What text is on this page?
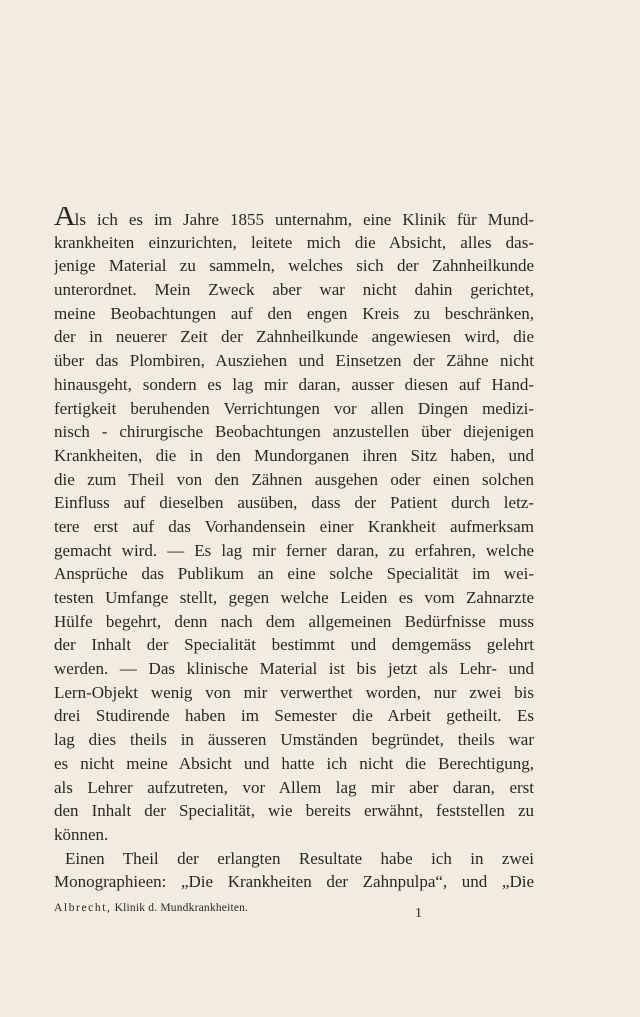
Als ich es im Jahre 1855 unternahm, eine Klinik für Mund-
krankheiten einzurichten, leitete mich die Absicht, alles das-
jenige Material zu sammeln, welches sich der Zahnheilkunde
unterordnet. Mein Zweck aber war nicht dahin gerichtet,
meine Beobachtungen auf den engen Kreis zu beschränken,
der in neuerer Zeit der Zahnheilkunde angewiesen wird, die
über das Plombiren, Ausziehen und Einsetzen der Zähne nicht
hinausgeht, sondern es lag mir daran, ausser diesen auf Hand-
fertigkeit beruhenden Verrichtungen vor allen Dingen medizi-
nisch - chirurgische Beobachtungen anzustellen über diejenigen
Krankheiten, die in den Mundorganen ihren Sitz haben, und
die zum Theil von den Zähnen ausgehen oder einen solchen
Einfluss auf dieselben ausüben, dass der Patient durch letz-
tere erst auf das Vorhandensein einer Krankheit aufmerksam
gemacht wird. — Es lag mir ferner daran, zu erfahren, welche
Ansprüche das Publikum an eine solche Specialität im wei-
testen Umfange stellt, gegen welche Leiden es vom Zahnarzte
Hülfe begehrt, denn nach dem allgemeinen Bedürfnisse muss
der Inhalt der Specialität bestimmt und demgemäss gelehrt
werden. — Das klinische Material ist bis jetzt als Lehr- und
Lern-Objekt wenig von mir verwerthet worden, nur zwei bis
drei Studirende haben im Semester die Arbeit getheilt. Es
lag dies theils in äusseren Umständen begründet, theils war
es nicht meine Absicht und hatte ich nicht die Berechtigung,
als Lehrer aufzutreten, vor Allem lag mir aber daran, erst
den Inhalt der Specialität, wie bereits erwähnt, feststellen zu
können.
Einen Theil der erlangten Resultate habe ich in zwei
Monographieen: „Die Krankheiten der Zahnpulpa“, und „Die
Albrecht, Klinik d. Mundkrankheiten.	1
